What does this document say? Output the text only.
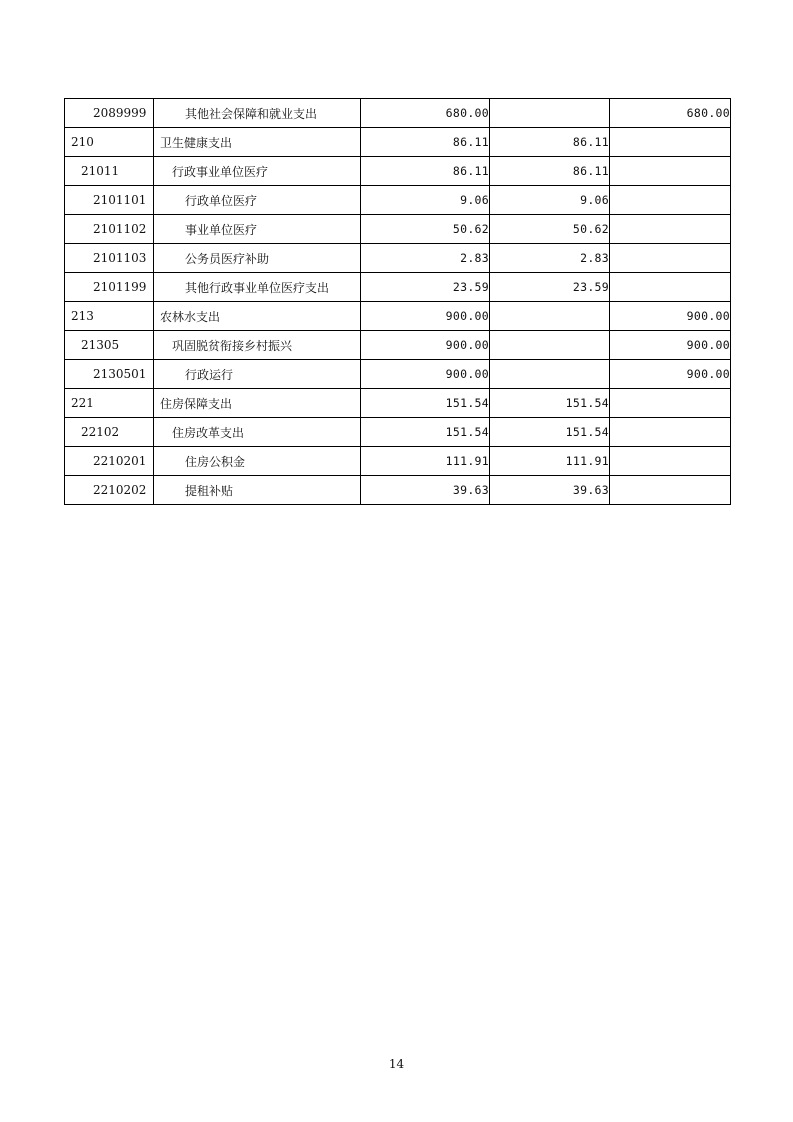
2089999	其他社会保障和就业支出	680.00		680.00
210	卫生健康支出	86.11	86.11	
21011	行政事业单位医疗	86.11	86.11	
2101101	行政单位医疗	9.06	9.06	
2101102	事业单位医疗	50.62	50.62	
2101103	公务员医疗补助	2.83	2.83	
2101199	其他行政事业单位医疗支出	23.59	23.59	
213	农林水支出	900.00		900.00
21305	巩固脱贫衔接乡村振兴	900.00		900.00
2130501	行政运行	900.00		900.00
221	住房保障支出	151.54	151.54	
22102	住房改革支出	151.54	151.54	
2210201	住房公积金	111.91	111.91	
2210202	提租补贴	39.63	39.63	
14
